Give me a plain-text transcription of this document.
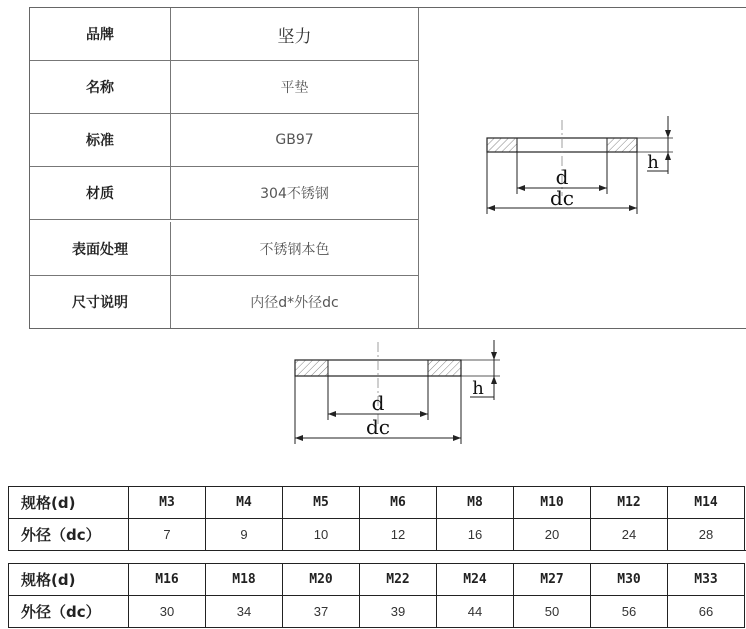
品牌	坚力
名称	平垫
标准	GB97
材质	304不锈钢
表面处理	不锈钢本色
尺寸说明	内径d*外径dc
d
dc
h
d
dc
h
规格(d)	M3	M4	M5	M6	M8	M10	M12	M14
外径（dc）	7	9	10	12	16	20	24	28
规格(d)	M16	M18	M20	M22	M24	M27	M30	M33
外径（dc）	30	34	37	39	44	50	56	66
